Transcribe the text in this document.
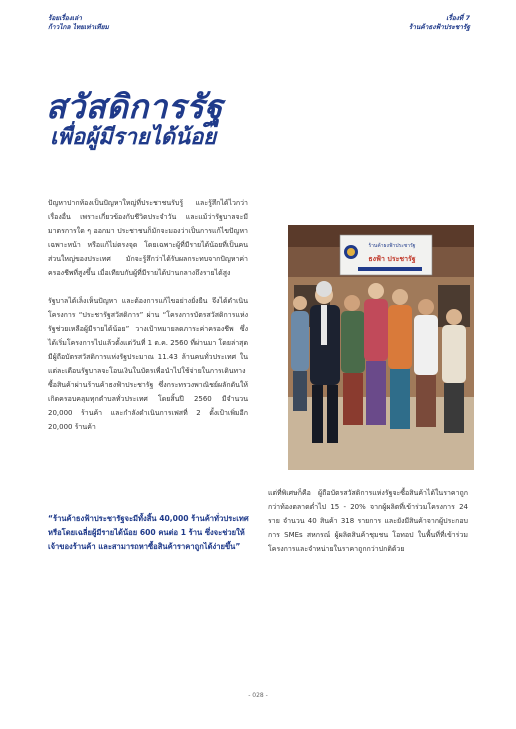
ร้อยเรื่องเล่า
ก้าวไกล ไทยเท่าเทียม
เรื่องที่ 7
ร้านค้าธงฟ้าประชารัฐ
สวัสดิการรัฐ
เพื่อผู้มีรายได้น้อย

ปัญหาปากท้องเป็นปัญหาใหญ่ที่ประชาชนรับรู้ และรู้สึกได้ไวกว่าเรื่องอื่น เพราะเกี่ยวข้องกับชีวิตประจำวัน และแม้ว่ารัฐบาลจะมีมาตรการใด ๆ ออกมา ประชาชนก็มักจะมองว่าเป็นการแก้ไขปัญหาเฉพาะหน้า หรือแก้ไม่ตรงจุด โดยเฉพาะผู้ที่มีรายได้น้อยที่เป็นคนส่วนใหญ่ของประเทศ มักจะรู้สึกว่าได้รับผลกระทบจากปัญหาค่าครองชีพที่สูงขึ้น เมื่อเทียบกับผู้ที่มีรายได้ปานกลางถึงรายได้สูง

รัฐบาลได้เล็งเห็นปัญหา และต้องการแก้ไขอย่างยั่งยืน จึงได้ดำเนินโครงการ “ประชารัฐสวัสดิการ” ผ่าน “โครงการบัตรสวัสดิการแห่งรัฐช่วยเหลือผู้มีรายได้น้อย” วางเป้าหมายลดภาระค่าครองชีพ ซึ่งได้เริ่มโครงการไปแล้วตั้งแต่วันที่ 1 ต.ค. 2560 ที่ผ่านมา โดยล่าสุดมีผู้ถือบัตรสวัสดิการแห่งรัฐประมาณ 11.43 ล้านคนทั่วประเทศ ในแต่ละเดือนรัฐบาลจะโอนเงินในบัตรเพื่อนำไปใช้จ่ายในการเดินทาง ซื้อสินค้าผ่านร้านค้าธงฟ้าประชารัฐ ซึ่งกระทรวงพาณิชย์ผลักดันให้เกิดครอบคลุมทุกตำบลทั่วประเทศ โดยสิ้นปี 2560 มีจำนวน 20,000 ร้านค้า และกำลังดำเนินการเฟสที่ 2 ตั้งเป้าเพิ่มอีก 20,000 ร้านค้า

“ร้านค้าธงฟ้าประชารัฐจะมีทั้งสิ้น 40,000 ร้านค้าทั่วประเทศหรือโดยเฉลี่ยผู้มีรายได้น้อย 600 คนต่อ 1 ร้าน ซึ่งจะช่วยให้เจ้าของร้านค้า และสามารถหาซื้อสินค้าราคาถูกได้ง่ายขึ้น”
ร้านค้าธงฟ้าประชารัฐ
ธงฟ้า ประชารัฐ

แต่ที่พิเศษก็คือ ผู้ถือบัตรสวัสดิการแห่งรัฐจะซื้อสินค้าได้ในราคาถูกกว่าท้องตลาดต่ำไป 15 - 20% จากผู้ผลิตที่เข้าร่วมโครงการ 24 ราย จำนวน 40 สินค้า 318 รายการ และยังมีสินค้าจากผู้ประกอบการ SMEs สหกรณ์ ผู้ผลิตสินค้าชุมชน โอทอป ในพื้นที่ที่เข้าร่วมโครงการและจำหน่ายในราคาถูกกว่าปกติด้วย

- 028 -
